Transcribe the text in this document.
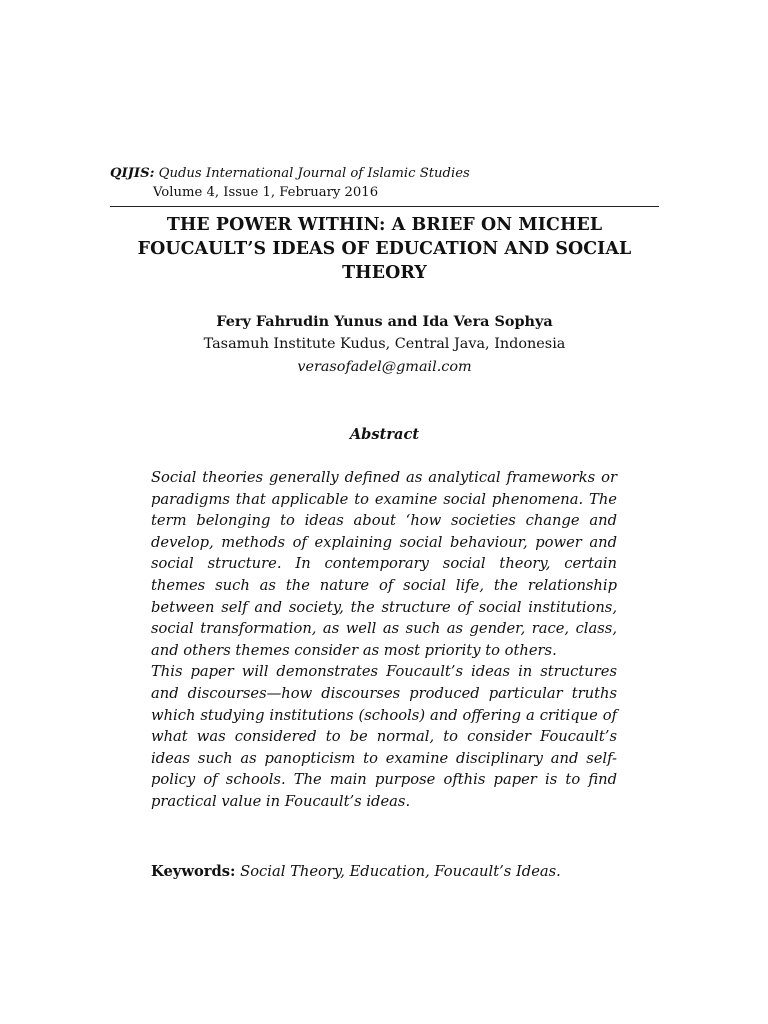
QIJIS: Qudus International Journal of Islamic Studies
Volume 4, Issue 1, February 2016
THE POWER WITHIN: A BRIEF ON MICHEL
FOUCAULT’S IDEAS OF EDUCATION AND SOCIAL
THEORY
Fery Fahrudin Yunus and Ida Vera Sophya
Tasamuh Institute Kudus, Central Java, Indonesia
verasofadel@gmail.com
Abstract

Social theories generally defined as analytical frameworks or paradigms that applicable to examine social phenomena. The term belonging to ideas about ‘how societies change and develop, methods of explaining social behaviour, power and social structure. In contemporary social theory, certain themes such as the nature of social life, the relationship between self and society, the structure of social institutions, social transformation, as well as such as gender, race, class, and others themes consider as most priority to others.

This paper will demonstrates Foucault’s ideas in structures and discourses—how discourses produced particular truths which studying institutions (schools) and offering a critique of what was considered to be normal, to consider Foucault’s ideas such as panopticism to examine disciplinary and self-policy of schools. The main purpose ofthis paper is to find practical value in Foucault’s ideas.

Keywords: Social Theory, Education, Foucault’s Ideas.
